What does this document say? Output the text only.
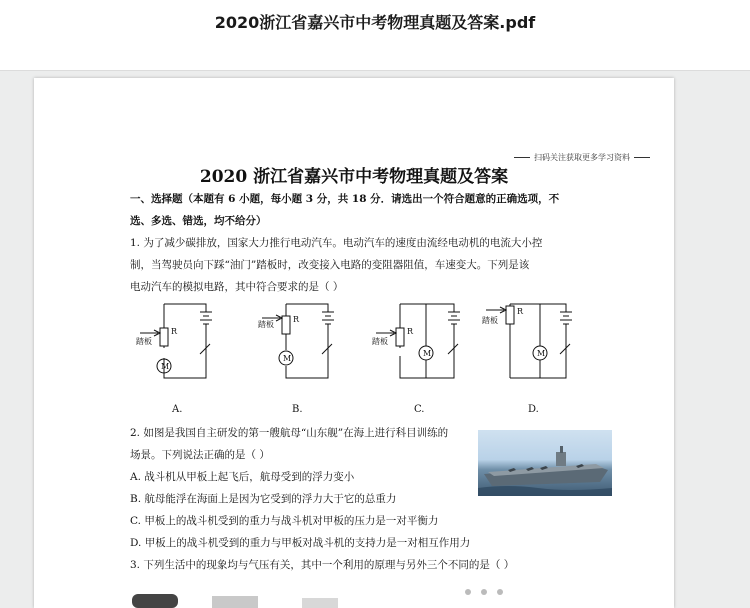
2020浙江省嘉兴市中考物理真题及答案.pdf
扫码关注获取更多学习资料
2020 浙江省嘉兴市中考物理真题及答案
一、选择题（本题有 6 小题，每小题 3 分，共 18 分．请选出一个符合题意的正确选项，不
选、多选、错选，均不给分）
1. 为了减少碳排放，国家大力推行电动汽车。电动汽车的速度由流经电动机的电流大小控
制，当驾驶员向下踩“油门”踏板时，改变接入电路的变阻器阻值，车速变大。下列是该
电动汽车的模拟电路，其中符合要求的是（ ）
踏板
R
M
踏板
R
M
踏板
R
M
踏板
R
M
A.	B.	C.	D.
2. 如图是我国自主研发的第一艘航母“山东舰”在海上进行科目训练的
场景。下列说法正确的是（ ）
A. 战斗机从甲板上起飞后，航母受到的浮力变小
B. 航母能浮在海面上是因为它受到的浮力大于它的总重力
C. 甲板上的战斗机受到的重力与战斗机对甲板的压力是一对平衡力
D. 甲板上的战斗机受到的重力与甲板对战斗机的支持力是一对相互作用力
3. 下列生活中的现象均与气压有关，其中一个利用的原理与另外三个不同的是（ ）
